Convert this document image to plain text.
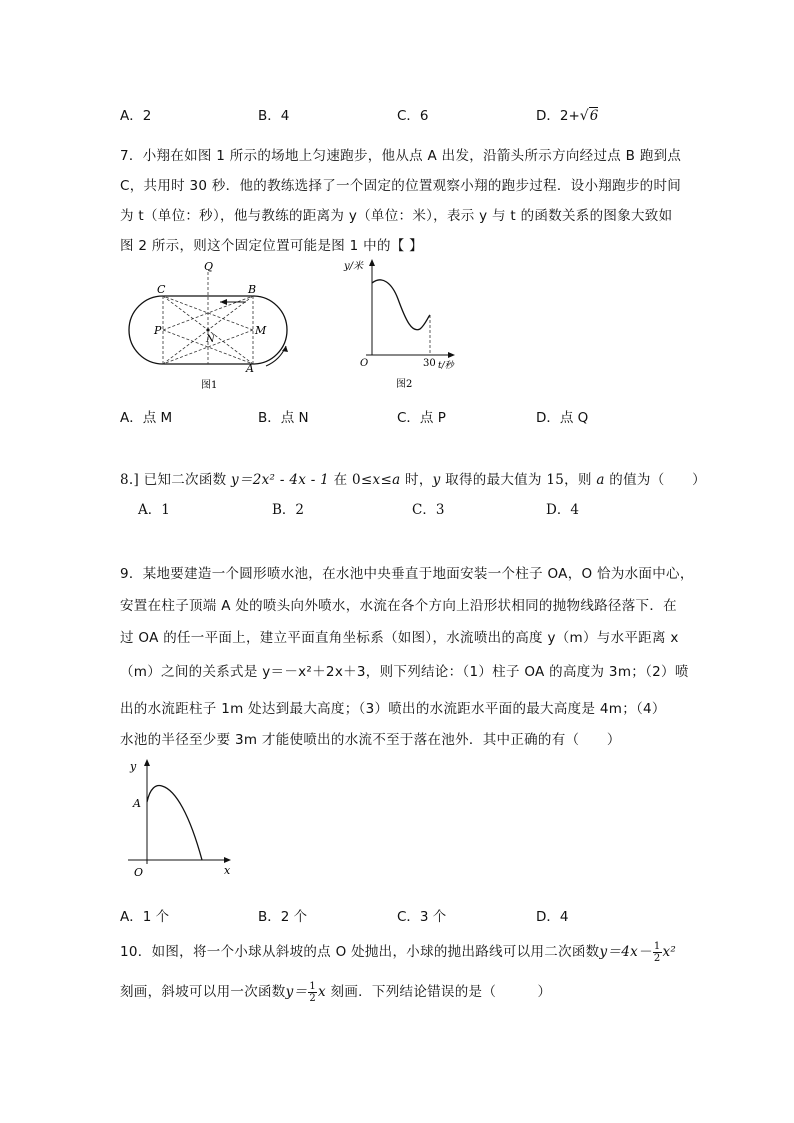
A．2	B．4	C．6	D．2+√6
7．小翔在如图 1 所示的场地上匀速跑步，他从点 A 出发，沿箭头所示方向经过点 B 跑到点
C，共用时 30 秒．他的教练选择了一个固定的位置观察小翔的跑步过程．设小翔跑步的时间
为 t（单位：秒），他与教练的距离为 y（单位：米），表示 y 与 t 的函数关系的图象大致如
图 2 所示，则这个固定位置可能是图 1 中的【 】
Q
C	B
P
N
M
A
图1
y/米
O	30 t/秒
图2
A．点 M	B．点 N	C．点 P	D．点 Q
8.] 已知二次函数 y＝2x² - 4x - 1 在 0≤x≤a 时，y 取得的最大值为 15，则 a 的值为（　　）
A．1	B．2	C．3	D．4
9．某地要建造一个圆形喷水池，在水池中央垂直于地面安装一个柱子 OA，O 恰为水面中心，
安置在柱子顶端 A 处的喷头向外喷水，水流在各个方向上沿形状相同的抛物线路径落下．在
过 OA 的任一平面上，建立平面直角坐标系（如图），水流喷出的高度 y（m）与水平距离 x
（m）之间的关系式是 y＝－x²＋2x＋3，则下列结论：（1）柱子 OA 的高度为 3m；（2）喷
出的水流距柱子 1m 处达到最大高度；（3）喷出的水流距水平面的最大高度是 4m；（4）
水池的半径至少要 3m 才能使喷出的水流不至于落在池外．其中正确的有（　　）
y
A
O	x
A．1 个	B．2 个	C．3 个	D．4
10．如图，将一个小球从斜坡的点 O 处抛出，小球的抛出路线可以用二次函数$y=4x- \frac{1}{2} x^2$
刻画，斜坡可以用一次函数$y= \frac{1}{2}$ x 刻画．下列结论错误的是（　　　）
